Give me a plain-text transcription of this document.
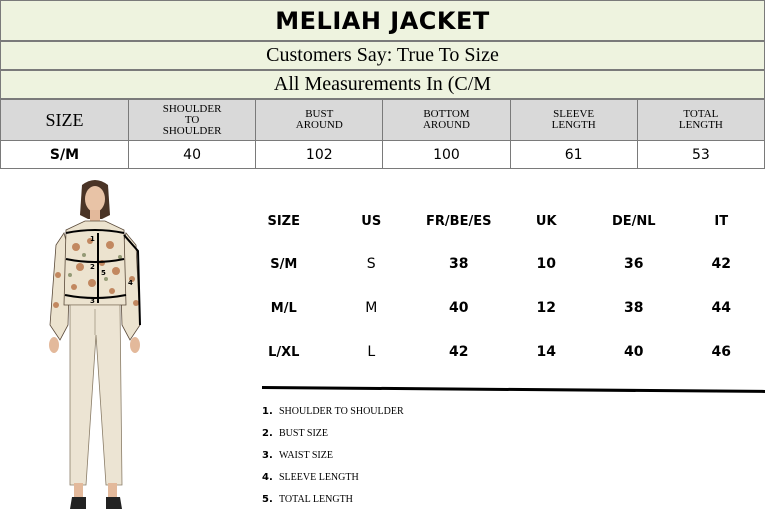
MELIAH JACKET
Customers Say: True To Size
All Measurements In (C/M
SIZE	SHOULDER TO SHOULDER	BUST AROUND	BOTTOM AROUND	SLEEVE LENGTH	TOTAL LENGTH
S/M	40	102	100	61	53
1
2
3
4
5
SIZE	US	FR/BE/ES	UK	DE/NL	IT
S/M	S	38	10	36	42
M/L	M	40	12	38	44
L/XL	L	42	14	40	46
1. SHOULDER TO SHOULDER
2. BUST SIZE
3. WAIST SIZE
4. SLEEVE LENGTH
5. TOTAL LENGTH
